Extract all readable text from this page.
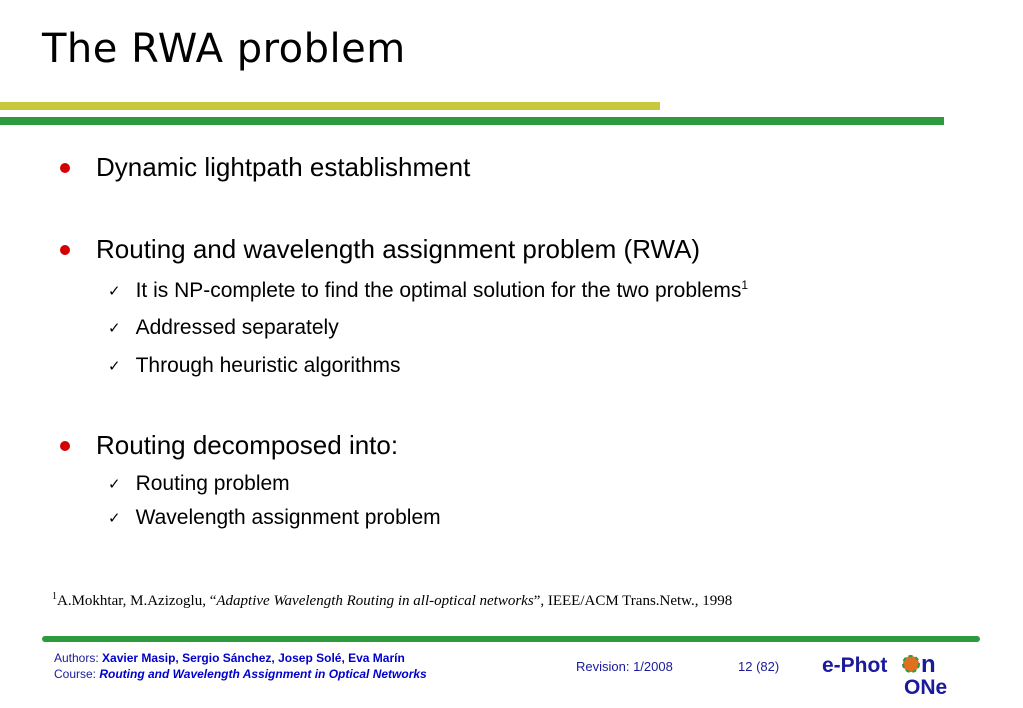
The RWA problem
Dynamic lightpath establishment
Routing and wavelength assignment problem (RWA)
✓ It is NP-complete to find the optimal solution for the two problems$^1$
✓ Addressed separately
✓ Through heuristic algorithms
Routing decomposed into:
✓ Routing problem
✓ Wavelength assignment problem
$^1$A.Mokhtar, M.Azizoglu, “Adaptive Wavelength Routing in all-optical networks”, IEEE/ACM Trans.Netw., 1998
Authors: Xavier Masip, Sergio Sánchez, Josep Solé, Eva Marín
Course: Routing and Wavelength Assignment in Optical Networks	Revision: 1/2008	12 (82) e-Phot n
ONe
